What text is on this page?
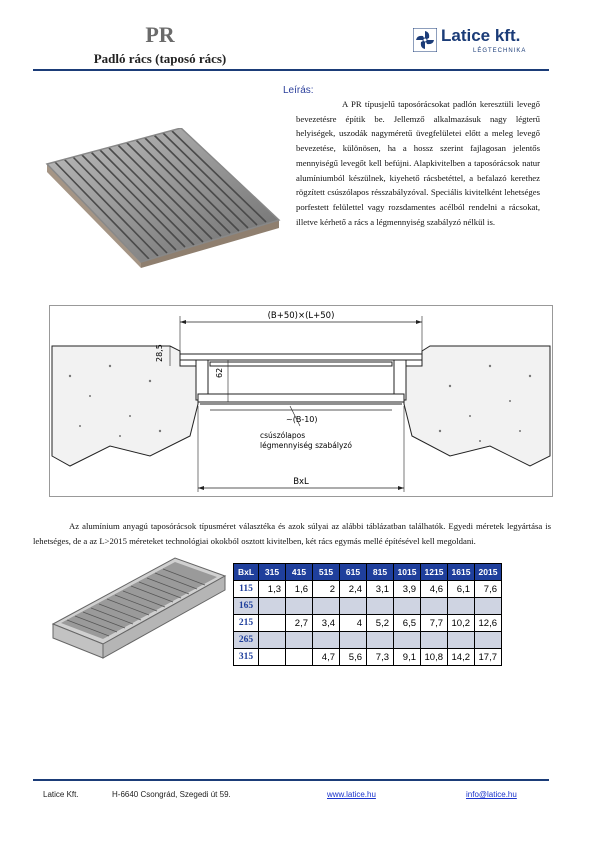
PR
Padló rács (taposó rács)
Latice kft.
LÉGTECHNIKA
Leírás:
A PR típusjelű taposórácsokat padlón keresztüli levegő bevezetésre építik be. Jellemző alkalmazásuk nagy légterű helyiségek, uszodák nagyméretű üvegfelületei előtt a meleg levegő bevezetése, különösen, ha a hossz szerint fajlagosan jelentős mennyiségű levegőt kell befújni. Alapkivitelben a taposórácsok natur alumíniumból készülnek, kiyehető rácsbetéttel, a befalazó kerethez rögzített csúszólapos résszabályzóval. Speciális kivitelként lehetséges porfestett felülettel vagy rozsdamentes acélból rendelni a rácsokat, illetve kérhető a rács a légmennyiség szabályzó nélkül is.
(B+50)×(L+50)
28,5
62
~(B-10)
csúszólapos
légmennyiség szabályzó
BxL
Az alumínium anyagú taposórácsok típusméret választéka és azok súlyai az alábbi táblázatban találhatók. Egyedi méretek legyártása is lehetséges, de a az L>2015 méreteket technológiai okokból osztott kivitelben, két rács egymás mellé építésével kell megoldani.
BxL	315	415	515	615	815	1015	1215	1615	2015
115	1,3	1,6	2	2,4	3,1	3,9	4,6	6,1	7,6
165									
215		2,7	3,4	4	5,2	6,5	7,7	10,2	12,6
265									
315			4,7	5,6	7,3	9,1	10,8	14,2	17,7
Latice Kft.	H-6640 Csongrád, Szegedi út 59.	www.latice.hu	info@latice.hu
